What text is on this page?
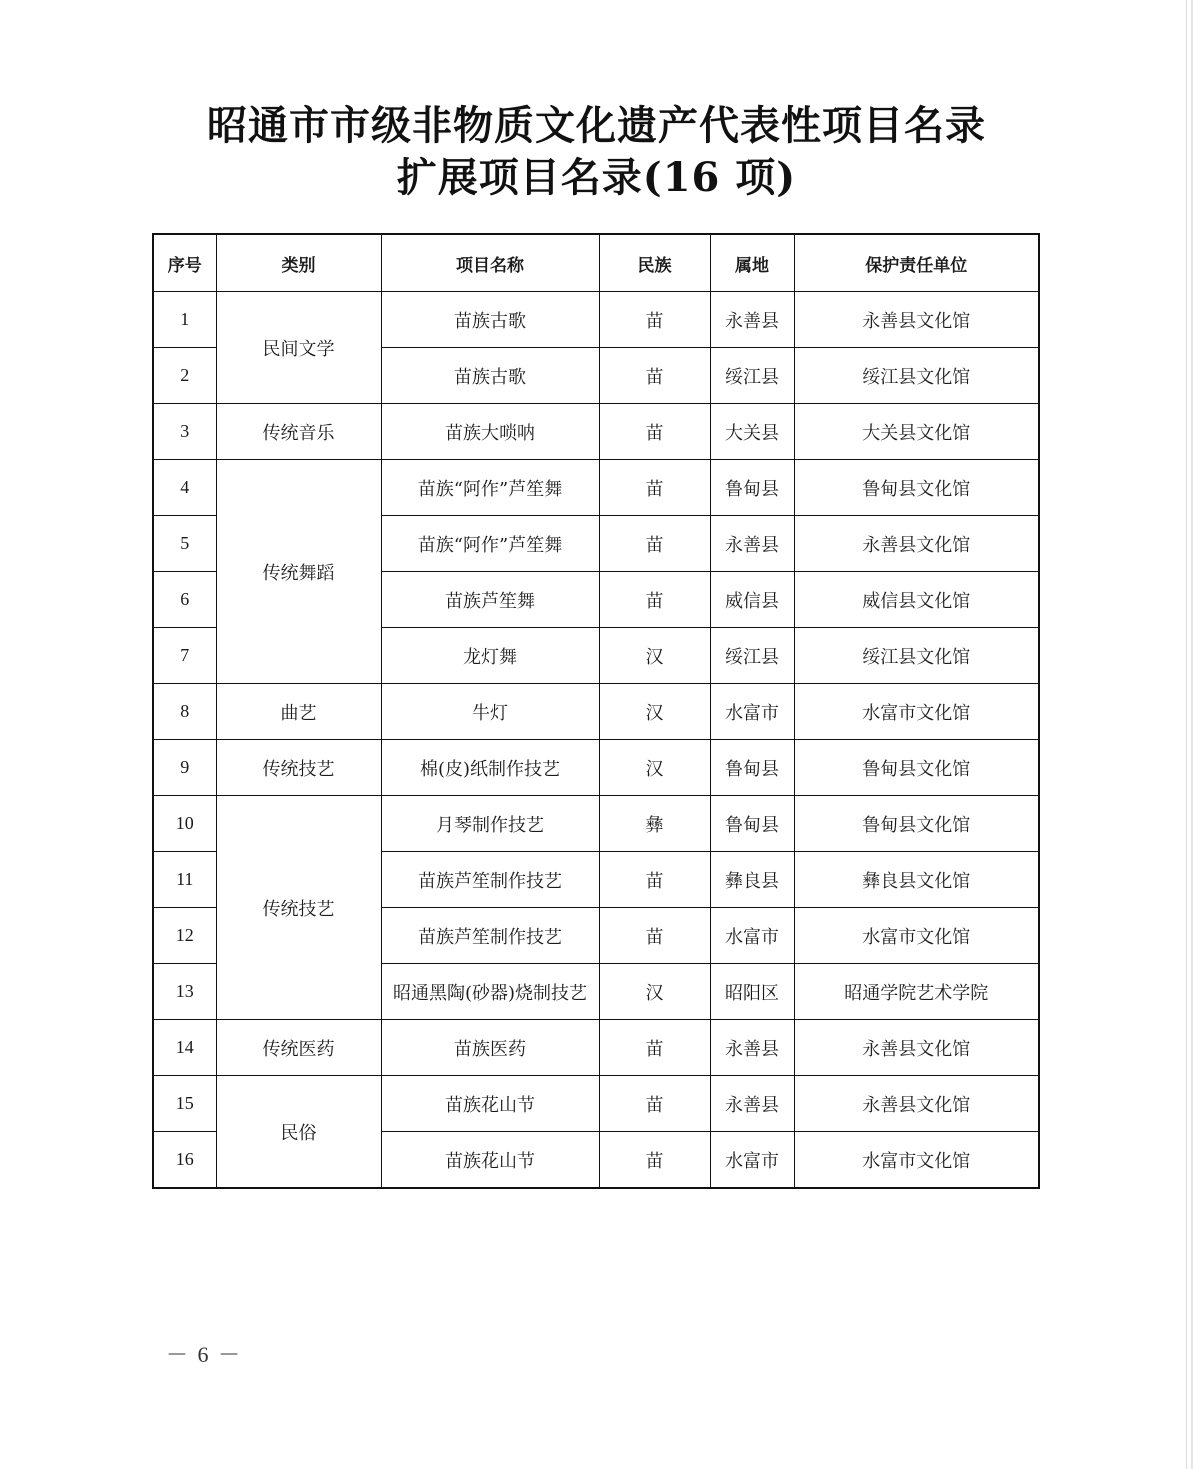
昭通市市级非物质文化遗产代表性项目名录
扩展项目名录(16 项)
序号	类别	项目名称	民族	属地	保护责任单位
1	民间文学	苗族古歌	苗	永善县	永善县文化馆
2		苗族古歌	苗	绥江县	绥江县文化馆
3	传统音乐	苗族大唢呐	苗	大关县	大关县文化馆
4	传统舞蹈	苗族“阿作”芦笙舞	苗	鲁甸县	鲁甸县文化馆
5		苗族“阿作”芦笙舞	苗	永善县	永善县文化馆
6		苗族芦笙舞	苗	威信县	威信县文化馆
7		龙灯舞	汉	绥江县	绥江县文化馆
8	曲艺	牛灯	汉	水富市	水富市文化馆
9	传统技艺	棉(皮)纸制作技艺	汉	鲁甸县	鲁甸县文化馆
10	传统技艺	月琴制作技艺	彝	鲁甸县	鲁甸县文化馆
11		苗族芦笙制作技艺	苗	彝良县	彝良县文化馆
12		苗族芦笙制作技艺	苗	水富市	水富市文化馆
13		昭通黑陶(砂器)烧制技艺	汉	昭阳区	昭通学院艺术学院
14	传统医药	苗族医药	苗	永善县	永善县文化馆
15	民俗	苗族花山节	苗	永善县	永善县文化馆
16		苗族花山节	苗	水富市	水富市文化馆
－ 6 －
